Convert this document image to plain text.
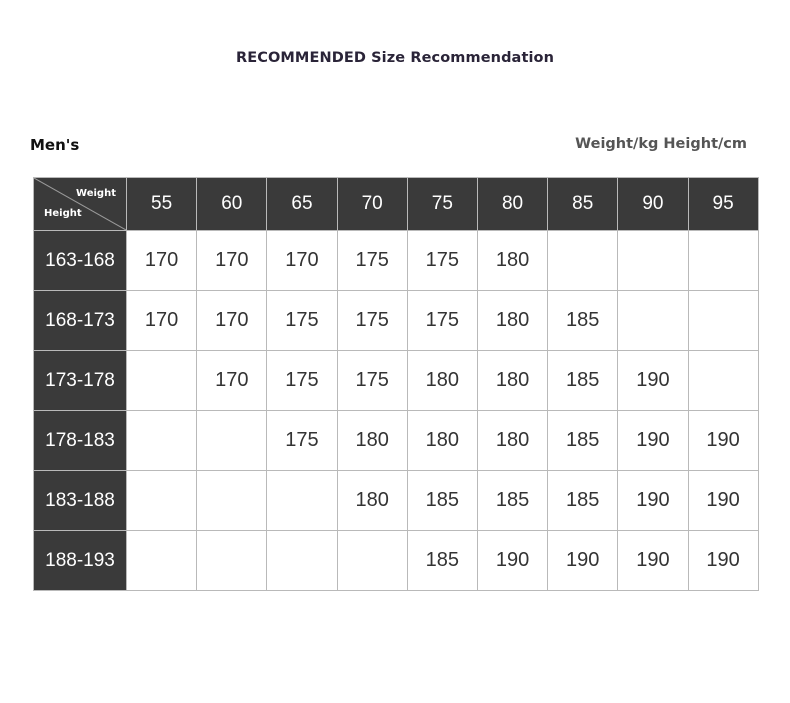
RECOMMENDED Size Recommendation
Men's	Weight/kg Height/cm
Weight
Height	55	60	65	70	75	80	85	90	95
163-168	170	170	170	175	175	180			
168-173	170	170	175	175	175	180	185		
173-178		170	175	175	180	180	185	190	
178-183			175	180	180	180	185	190	190
183-188				180	185	185	185	190	190
188-193					185	190	190	190	190
